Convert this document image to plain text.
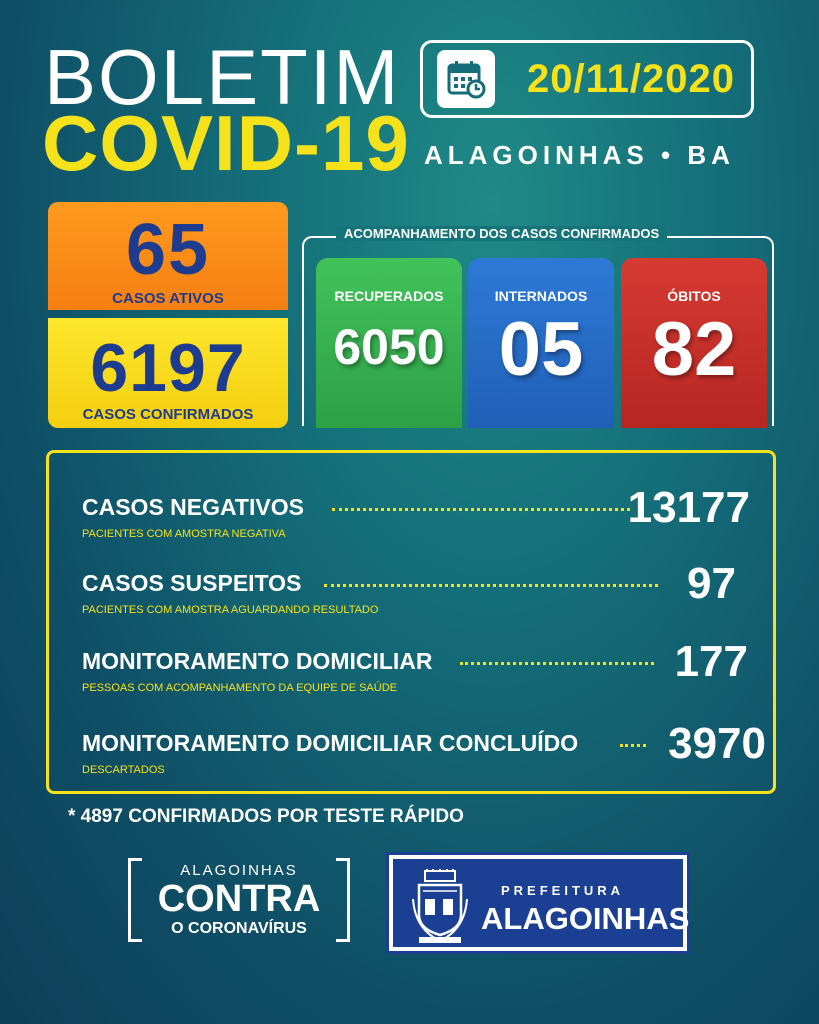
BOLETIM
COVID-19
20/11/2020
ALAGOINHAS • BA
65
CASOS ATIVOS
6197
CASOS CONFIRMADOS
ACOMPANHAMENTO DOS CASOS CONFIRMADOS
RECUPERADOS
6050
INTERNADOS
05
ÓBITOS
82
CASOS NEGATIVOS
PACIENTES COM AMOSTRA NEGATIVA
13177
CASOS SUSPEITOS
PACIENTES COM AMOSTRA AGUARDANDO RESULTADO
97
MONITORAMENTO DOMICILIAR
PESSOAS COM ACOMPANHAMENTO DA EQUIPE DE SAÚDE
177
MONITORAMENTO DOMICILIAR CONCLUÍDO
DESCARTADOS
3970
* 4897 CONFIRMADOS POR TESTE RÁPIDO
ALAGOINHAS
CONTRA
O CORONAVÍRUS
PREFEITURA
ALAGOINHAS
